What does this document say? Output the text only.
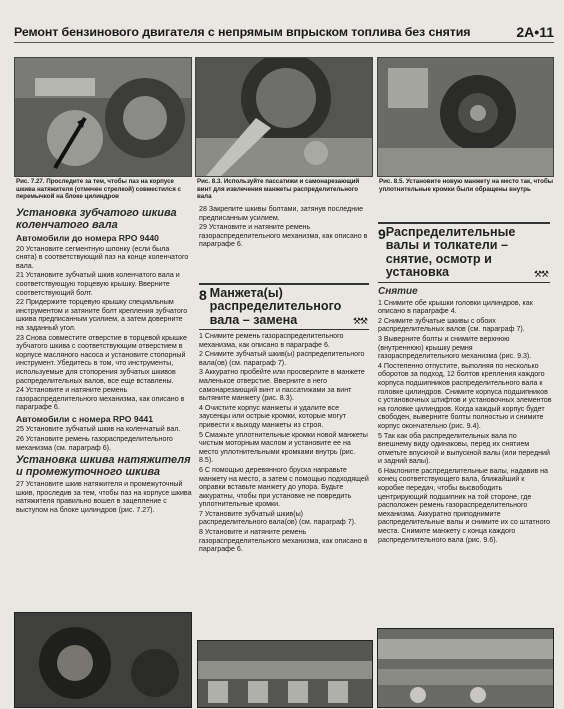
Ремонт бензинового двигателя с непрямым впрыском топлива без снятия	2А•11
Рис. 7.27. Проследите за тем, чтобы паз на корпусе шкива натяжителя (отмечен стрелкой) совместился с перемычкой на блоке цилиндров
Рис. 8.3. Используйте пассатижи и самонарезающий винт для извлечения манжеты распределительного вала
Рис. 8.5. Установите новую манжету на место так, чтобы уплотнительные кромки были обращены внутрь
Установка зубчатого шкива коленчатого вала
Автомобили до номера RPO 9440

20 Установите сегментную шпонку (если была снята) в соответствующий паз на конце коленчатого вала.

21 Установите зубчатый шкив коленчатого вала и соответствующую торцевую крышку. Вверните соответствующий болт.

22 Придержите торцевую крышку специальным инструментом и затяните болт крепления зубчатого шкива предписанным усилием, а затем доверните на заданный угол.

23 Снова совместите отверстие в торцевой крышке зубчатого шкива с соответствующим отверстием в корпусе масляного насоса и установите стопорный инструмент. Убедитесь в том, что инструменты, используемые для стопорения зубчатых шкивов распределительных валов, все еще вставлены.

24 Установите и натяните ремень газораспределительного механизма, как описано в параграфе 6.

Автомобили с номера RPO 9441

25 Установите зубчатый шкив на коленчатый вал.

26 Установите ремень газораспределительного механизма (см. параграф 6).

Установка шкива натяжителя и промежуточного шкива

27 Установите шкив натяжителя и промежуточный шкив, проследив за тем, чтобы паз на корпусе шкива натяжителя правильно вошел в зацепление с выступом на блоке цилиндров (рис. 7.27).

28 Закрепите шкивы болтами, затянув последние предписанным усилием.

29 Установите и натяните ремень газораспределительного механизма, как описано в параграфе 6.

8 Манжета(ы) распределительного вала – замена	⚒⚒

1 Снимите ремень газораспределительного механизма, как описано в параграфе 6.

2 Снимите зубчатый шкив(ы) распределительного вала(ов) (см. параграф 7).

3 Аккуратно пробейте или просверлите в манжете маленькое отверстие. Вверните в него самонарезающий винт и пассатижами за винт вытяните манжету (рис. 8.3).

4 Очистите корпус манжеты и удалите все заусенцы или острые кромки, которые могут привести к выходу манжеты из строя.

5 Смажьте уплотнительные кромки новой манжеты чистым моторным маслом и установите ее на место уплотнительными кромками внутрь (рис. 8.5).

6 С помощью деревянного бруска направьте манжету на место, а затем с помощью подходящей оправки вставьте манжету до упора. Будьте аккуратны, чтобы при установке не повредить уплотнительные кромки.

7 Установите зубчатый шкив(ы) распределительного вала(ов) (см. параграф 7).

8 Установите и натяните ремень газораспределительного механизма, как описано в параграфе 6.

9 Распределительные валы и толкатели – снятие, осмотр и установка	⚒⚒
Снятие

1 Снимите обе крышки головки цилиндров, как описано в параграфе 4.

2 Снимите зубчатые шкивы с обоих распределительных валов (см. параграф 7).

3 Выверните болты и снимите верхнюю (внутреннюю) крышку ремня газораспределительного механизма (рис. 9.3).

4 Постепенно отпустите, выполняя по несколько оборотов за подход, 12 болтов крепления каждого корпуса подшипников распределительного вала к головке цилиндров. Снимите корпуса подшипников с установочных штифтов и установочных элементов на головке цилиндров. Когда каждый корпус будет свободен, выверните болты полностью и снимите корпус окончательно (рис. 9.4).

5 Так как оба распределительных вала по внешнему виду одинаковы, перед их снятием отметьте впускной и выпускной валы (или передний и задний валы).

6 Наклоните распределительные валы, надавив на конец соответствующего вала, ближайший к коробке передач, чтобы высвободить центрирующий подшипник на той стороне, где расположен ремень газораспределительного механизма. Аккуратно приподнимите распределительные валы и снимите их со штатного места. Снимите манжету с конца каждого распределительного вала (рис. 9.6).
